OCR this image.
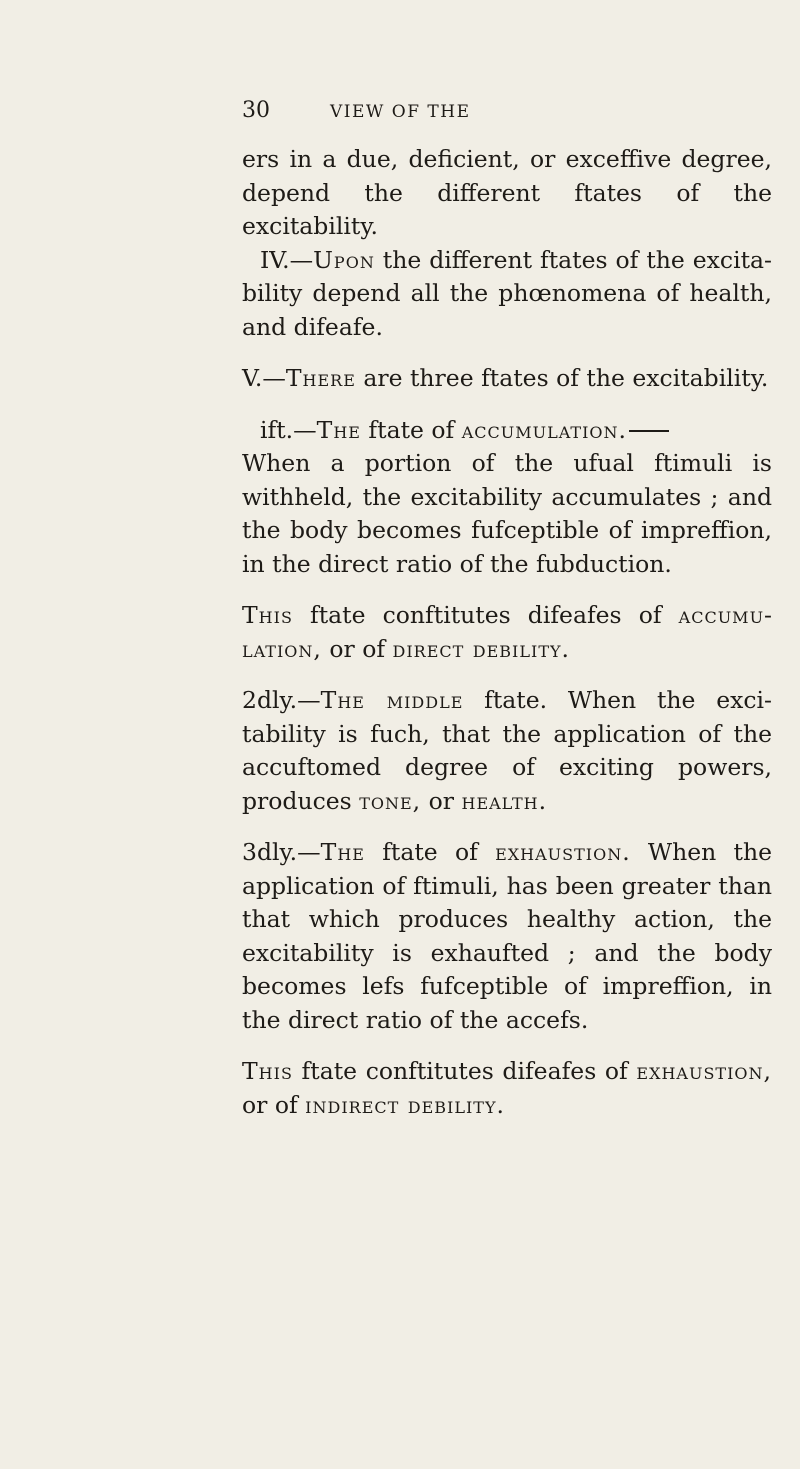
30	VIEW OF THE

ers in a due, deficient, or exceffive degree, depend the different ftates of the excitability.

IV.—Upon the different ftates of the excitability depend all the phœnomena of health, and difeafe.

V.—There are three ftates of the excitability.

ift.—The ftate of accumulation.

When a portion of the ufual ftimuli is withheld, the excitability accumulates ; and the body becomes fufceptible of impreffion, in the direct ratio of the fubduction.

This ftate conftitutes difeafes of accumulation, or of direct debility.

2dly.—The middle ftate. When the excitability is fuch, that the application of the accuftomed degree of exciting powers, produces tone, or health.

3dly.—The ftate of exhaustion. When the application of ftimuli, has been greater than that which produces healthy action, the excitability is exhaufted ; and the body becomes lefs fufceptible of impreffion, in the direct ratio of the accefs.

This ftate conftitutes difeafes of exhaustion, or of indirect debility.
